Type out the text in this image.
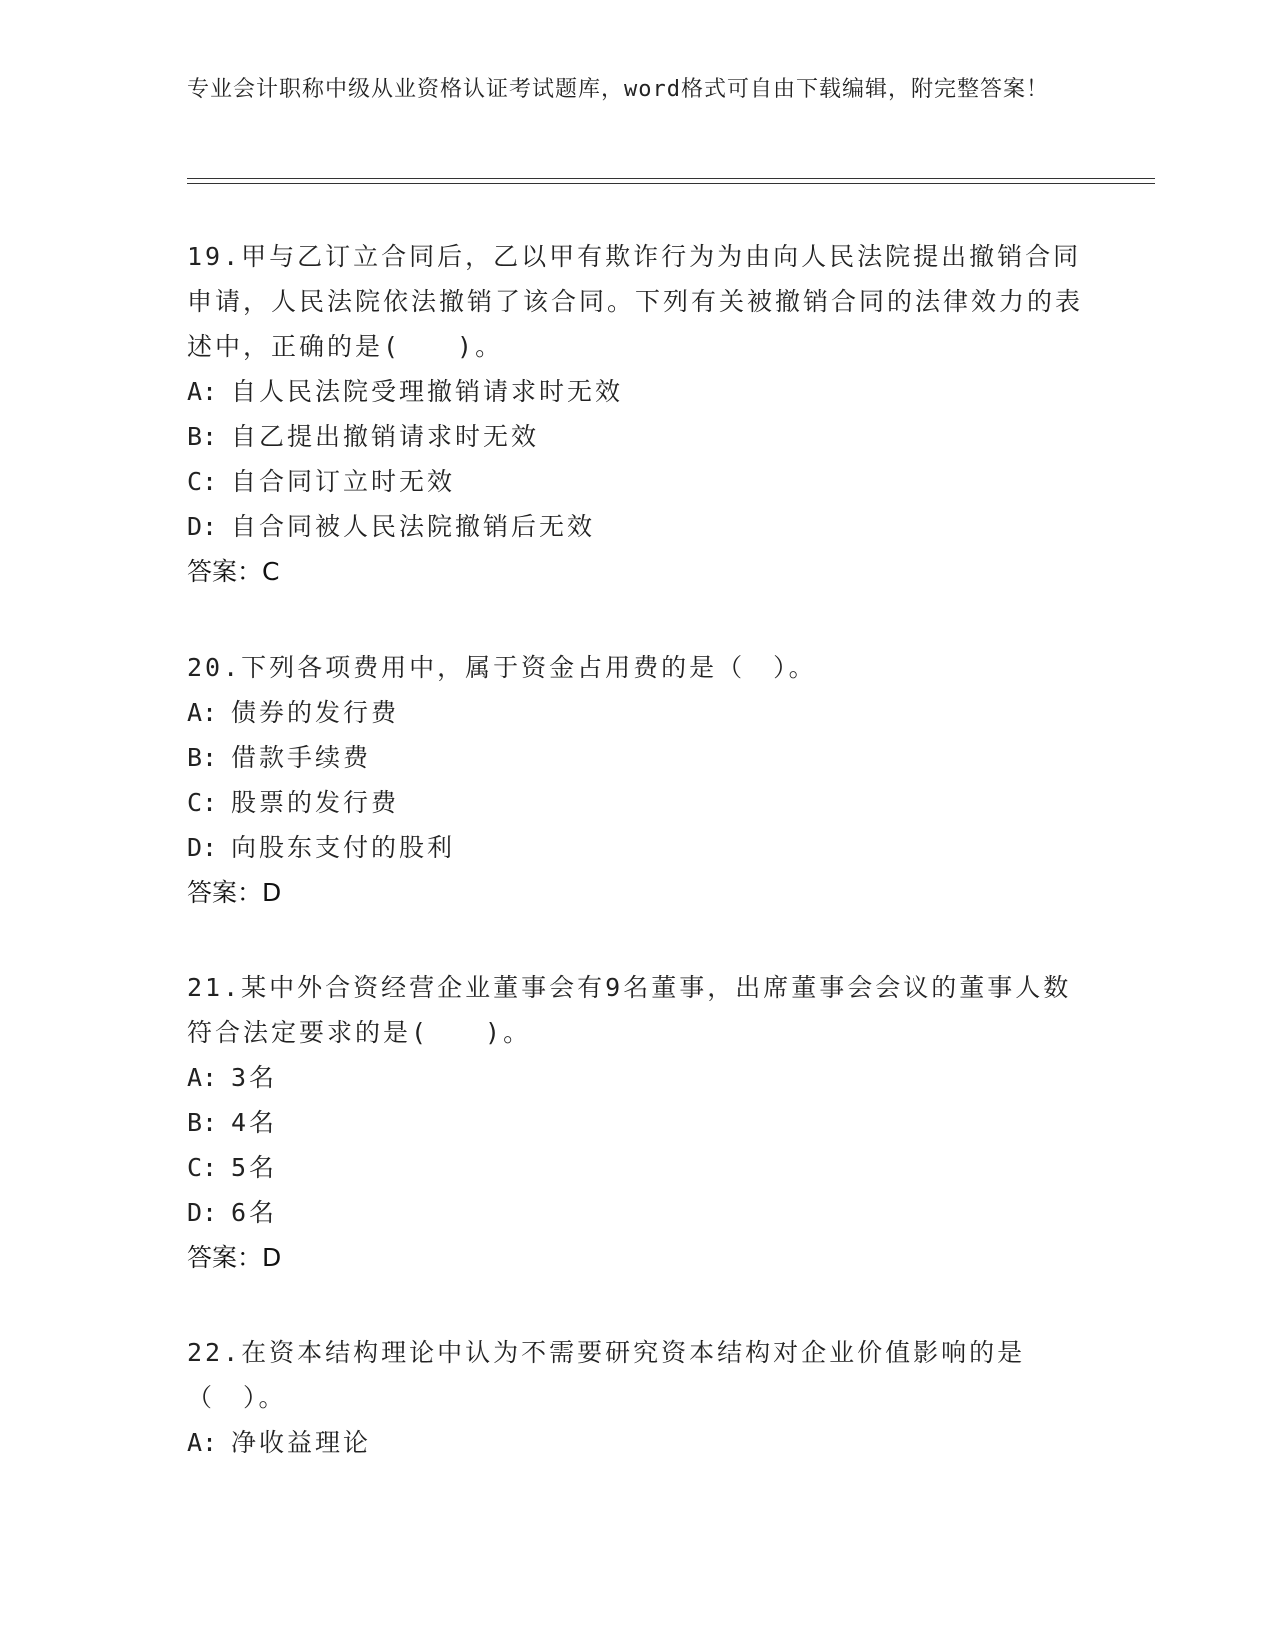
专业会计职称中级从业资格认证考试题库，word格式可自由下载编辑，附完整答案！

19.甲与乙订立合同后，乙以甲有欺诈行为为由向人民法院提出撤销合同申请，人民法院依法撤销了该合同。下列有关被撤销合同的法律效力的表述中，正确的是(　　)。

A: 自人民法院受理撤销请求时无效

B: 自乙提出撤销请求时无效

C: 自合同订立时无效

D: 自合同被人民法院撤销后无效

答案：C

20.下列各项费用中，属于资金占用费的是（　）。

A: 债券的发行费

B: 借款手续费

C: 股票的发行费

D: 向股东支付的股利

答案：D

21.某中外合资经营企业董事会有9名董事，出席董事会会议的董事人数符合法定要求的是(　　)。

A: 3名

B: 4名

C: 5名

D: 6名

答案：D

22.在资本结构理论中认为不需要研究资本结构对企业价值影响的是（　）。

A: 净收益理论
